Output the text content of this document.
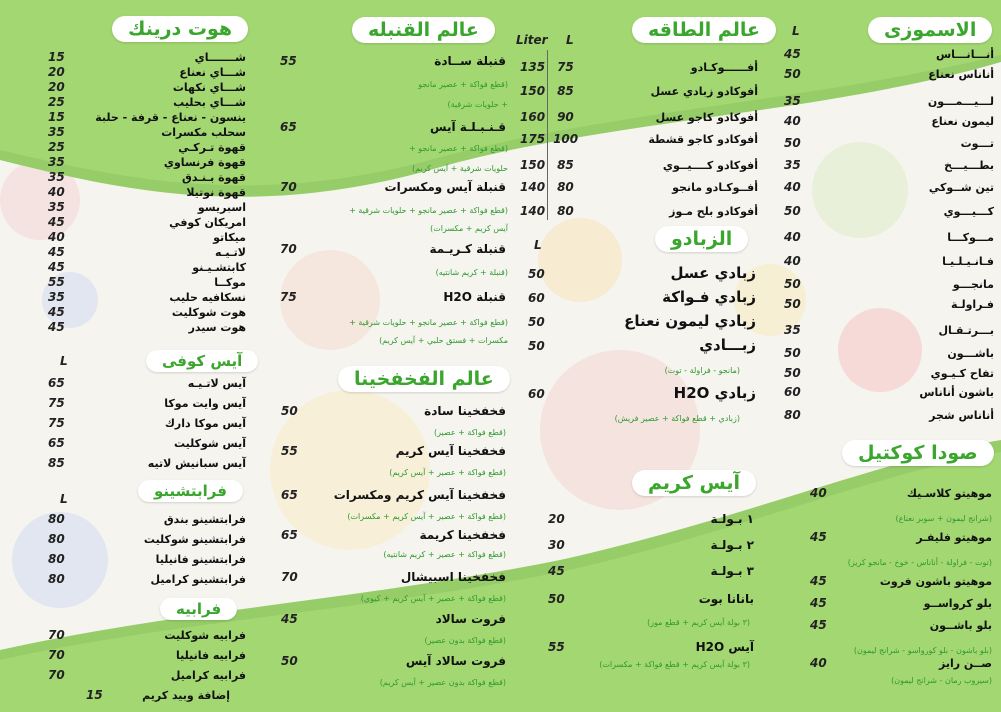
الاسموزى
L
45	أنـــانـــاس
50	أناناس نعناع
35	لـــيـــمـــون
40	ليمون نعناع
50	تـــوت
35	بطـــيـــخ
40	تين شــوكي
50	كـــيـــوي
40	مـــوكـــا
40	فـانـيـلـيـا
50	مانجـــو
50	فـراولـة
35	بـــرتـقـال
50	باشـــون
50	تفاح كـيـوي
60	باشون أناناس
80	أناناس شجر
صودا كوكتيل
40	موهيتو كلاسـيك
(شرانج ليمون + سوبر نعناع)
45	موهيتو فليفـر
(توت - فراولة - أناناس - خوخ - مانجو كريز)
45	موهيتو باشون فروت
45	بلو كرواســو
45	بلو باشــون
(بلو باشون - بلو كورواسو - شرانج ليمون)
40	صــن رايز
(سيروب رمان - شرانج ليمون)
عالم الطاقه
Liter L
135 75	أفــــــوكـادو
150 85	أفوكادو زبادي عسل
160 90	أفوكادو كاجو عسل
175 100	أفوكادو كاجو قشطة
150 85	أفوكادو كــــيــوي
140 80	أفــوكـادو مانجو
140 80	أفوكادو بلح مـوز
الزبادو
L
50	زبادي عسل
60	زبادي فـواكة
50	زبادي ليمون نعناع
50	زبـــادي
(مانجو - فراولة - توت)
60	زبادي H2O
(زبادي + قطع فواكة + عصير فريش)
آيس كريم
20	١ بـولـة
30	٢ بـولـة
45	٣ بـولـة
50	بانانا بوت
(٣ بولة آيس كريم + قطع موز)
55	آيس H2O
(٣ بولة آيس كريم + قطع فواكة + مكسرات)
عالم القنبله
55	قنبلة ســادة
(قطع فواكة + عصير مانجو
+ حلويات شرقية)
65	قـنـبـلـة آيس
(قطع فواكة + عصير مانجو +
حلويات شرقية + آيس كريم)
70	قنبلة آيس ومكسرات
(قطع فواكة + عصير مانجو + حلويات شرقية +
آيس كريم + مكسرات)
70	قنبلة كـريـمة
(قنبلة + كريم شانتيه)
75	قنبلة H2O
(قطع فواكة + عصير مانجو + حلويات شرقية +
مكسرات + فستق حلبي + آيس كريم)
عالم الفخفخينا
50	فخفخينا سادة
(قطع فواكة + عصير)
55	فخفخينا آيس كريم
(قطع فواكة + عصير + آيس كريم)
65	فخفخينا آيس كريم ومكسرات
(قطع فواكة + عصير + آيس كريم + مكسرات)
65	فخفخينا كريمة
(قطع فواكة + عصير + كريم شانتيه)
70	فخفخينا اسبيشال
(قطع فواكة + عصير + آيس كريم + كيوي)
45	فروت سالاد
(قطع فواكة بدون عصير)
50	فروت سالاد آيس
(قطع فواكة بدون عصير + آيس كريم)
هوت درينك
15	شـــــــاي
20	شـــاي نعناع
20	شـــاي نكهات
25	شـــاي بحليب
15	ينسون - نعناع - قرفة - حلبة
35	سحلب مكسرات
25	قهوة تـركـي
35	قهوة فرنساوي
35	قهوة بـنـدق
40	قهوة نوتيلا
35	اسبريسو
45	امريكان كوفي
40	ميكاتو
45	لاتـيـه
45	كابتشـيـنو
55	موكــا
35	نسكافيه حليب
45	هوت شوكليت
45	هوت سيدر
آيس كوفى
L
65	آيس لاتـيـه
75	آيس وايت موكا
75	آيس موكا دارك
65	آيس شوكليت
85	آيس سبانيش لاتيه
فرابتشينو
L
80	فرابتشينو بندق
80	فرابتشينو شوكليت
80	فرابتشينو فانيليا
80	فرابتشينو كراميل
فرابيه
70	فرابيه شوكليت
70	فرابيه فانيليا
70	فرابيه كراميل
15	إضافة وبيد كريم
